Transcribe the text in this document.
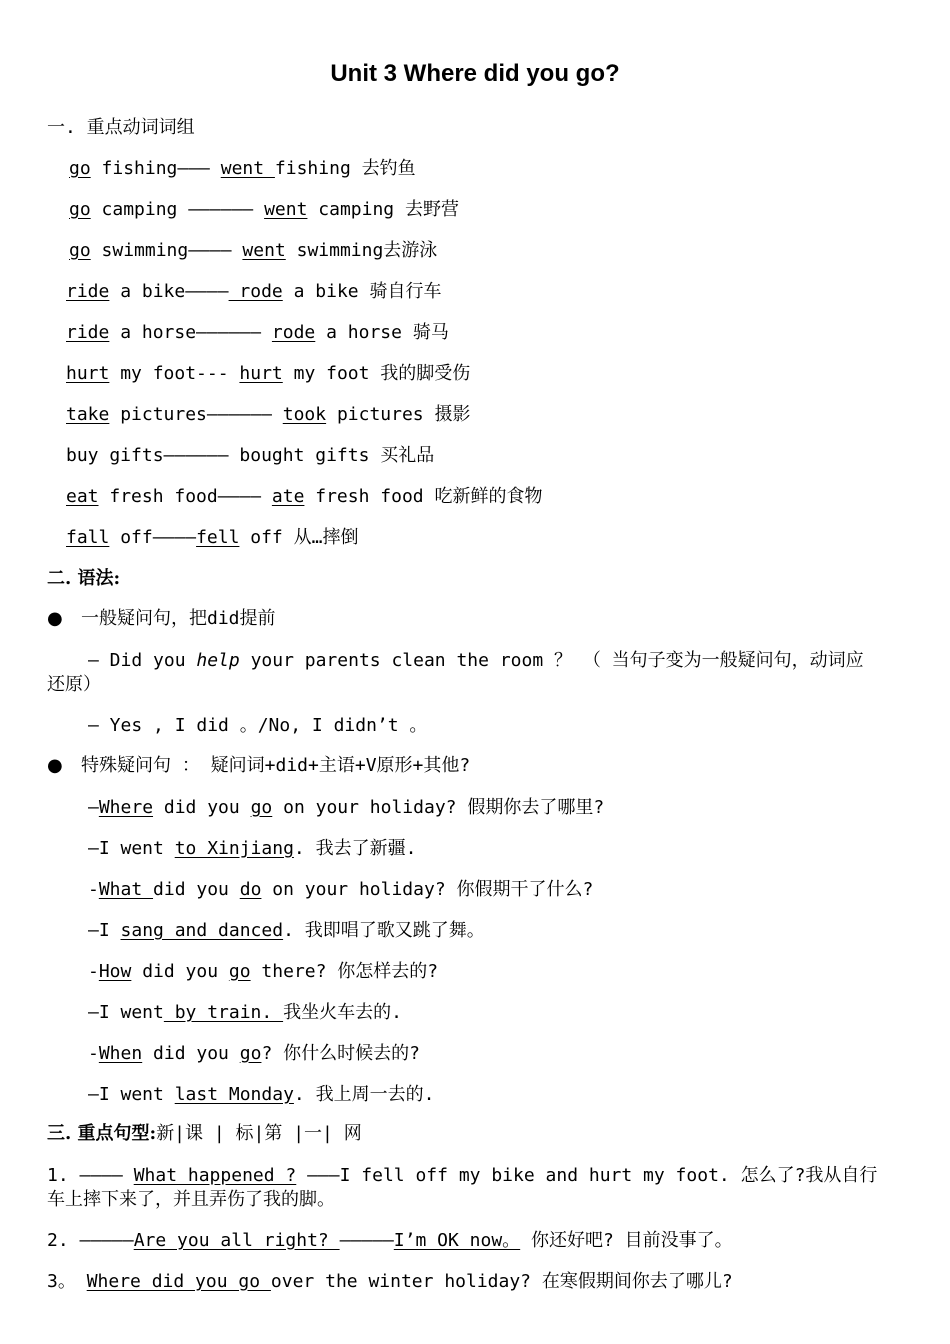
Unit 3 Where did you go?
一. 重点动词词组
go fishing——— went fishing 去钓鱼
go camping —————— went camping 去野营
go swimming———— went swimming去游泳
ride a bike———— rode a bike 骑自行车
ride a horse—————— rode a horse 骑马
hurt my foot--- hurt my foot 我的脚受伤
take pictures—————— took pictures 摄影
buy gifts—————— bought gifts 买礼品
eat fresh food———— ate fresh food 吃新鲜的食物
fall off————fell off 从…摔倒
二. 语法:
● 一般疑问句，把did提前
— Did you help your parents clean the room ？ （ 当句子变为一般疑问句，动词应
还原）
— Yes , I did 。/No, I didn’t 。
● 特殊疑问句 ： 疑问词+did+主语+V原形+其他?
—Where did you go on your holiday? 假期你去了哪里?
—I went to Xinjiang. 我去了新疆.
-What did you do on your holiday? 你假期干了什么?
—I sang and danced. 我即唱了歌又跳了舞。
-How did you go there? 你怎样去的?
—I went by train. 我坐火车去的.
-When did you go? 你什么时候去的?
—I went last Monday. 我上周一去的.
三. 重点句型:新|课 | 标|第 |一| 网
1. ———— What happened ? ———I fell off my bike and hurt my foot. 怎么了?我从自行
车上摔下来了，并且弄伤了我的脚。
2. —————Are you all right? —————I’m OK now。 你还好吧? 目前没事了。
3。 Where did you go over the winter holiday? 在寒假期间你去了哪儿?
